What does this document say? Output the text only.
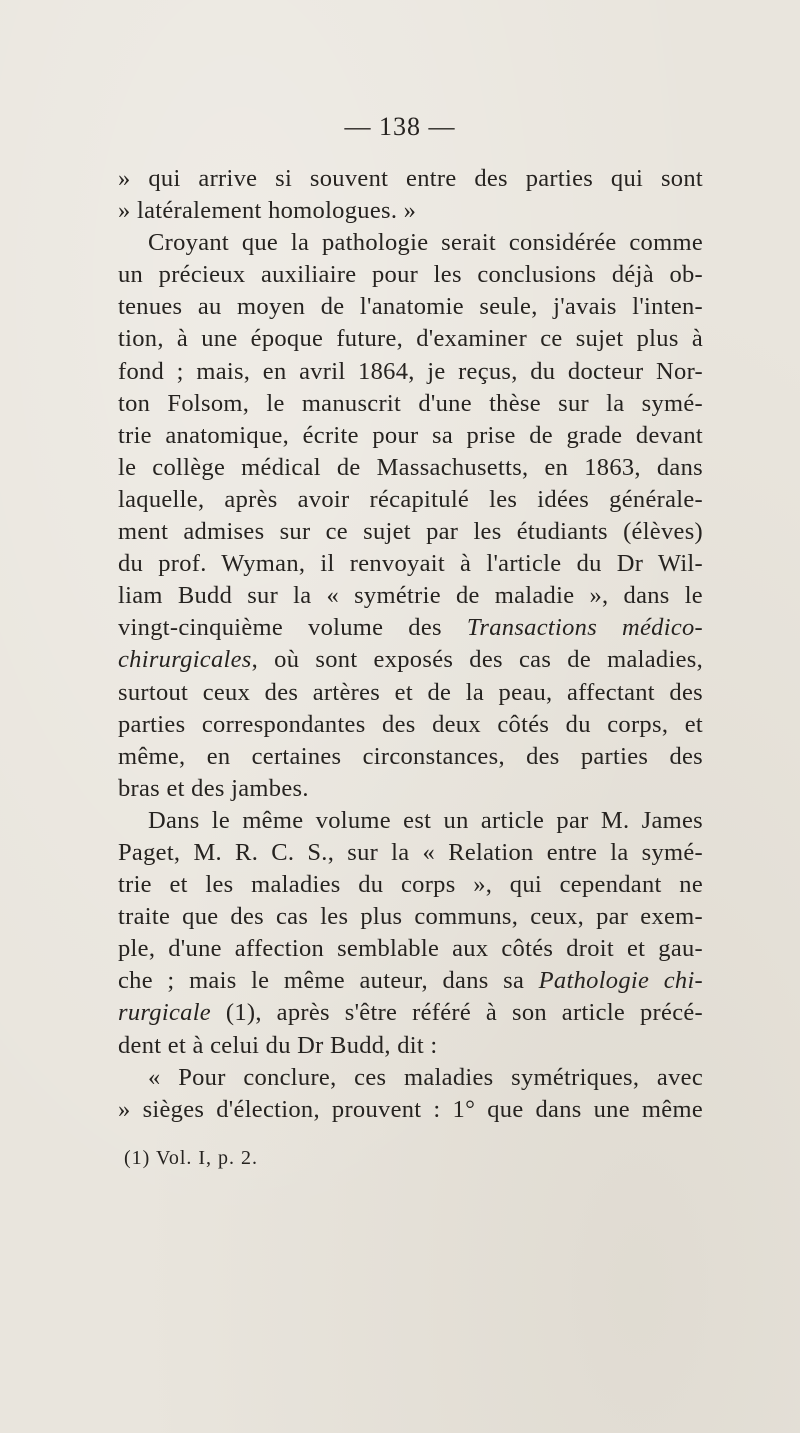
— 138 —
» qui arrive si souvent entre des parties qui sont
» latéralement homologues. »
Croyant que la pathologie serait considérée comme
un précieux auxiliaire pour les conclusions déjà ob-
tenues au moyen de l'anatomie seule, j'avais l'inten-
tion, à une époque future, d'examiner ce sujet plus à
fond ; mais, en avril 1864, je reçus, du docteur Nor-
ton Folsom, le manuscrit d'une thèse sur la symé-
trie anatomique, écrite pour sa prise de grade devant
le collège médical de Massachusetts, en 1863, dans
laquelle, après avoir récapitulé les idées générale-
ment admises sur ce sujet par les étudiants (élèves)
du prof. Wyman, il renvoyait à l'article du Dr Wil-
liam Budd sur la « symétrie de maladie », dans le
vingt-cinquième volume des Transactions médico-
chirurgicales, où sont exposés des cas de maladies,
surtout ceux des artères et de la peau, affectant des
parties correspondantes des deux côtés du corps, et
même, en certaines circonstances, des parties des
bras et des jambes.
Dans le même volume est un article par M. James
Paget, M. R. C. S., sur la « Relation entre la symé-
trie et les maladies du corps », qui cependant ne
traite que des cas les plus communs, ceux, par exem-
ple, d'une affection semblable aux côtés droit et gau-
che ; mais le même auteur, dans sa Pathologie chi-
rurgicale (1), après s'être référé à son article précé-
dent et à celui du Dr Budd, dit :
« Pour conclure, ces maladies symétriques, avec
» sièges d'élection, prouvent : 1° que dans une même
(1) Vol. I, p. 2.
